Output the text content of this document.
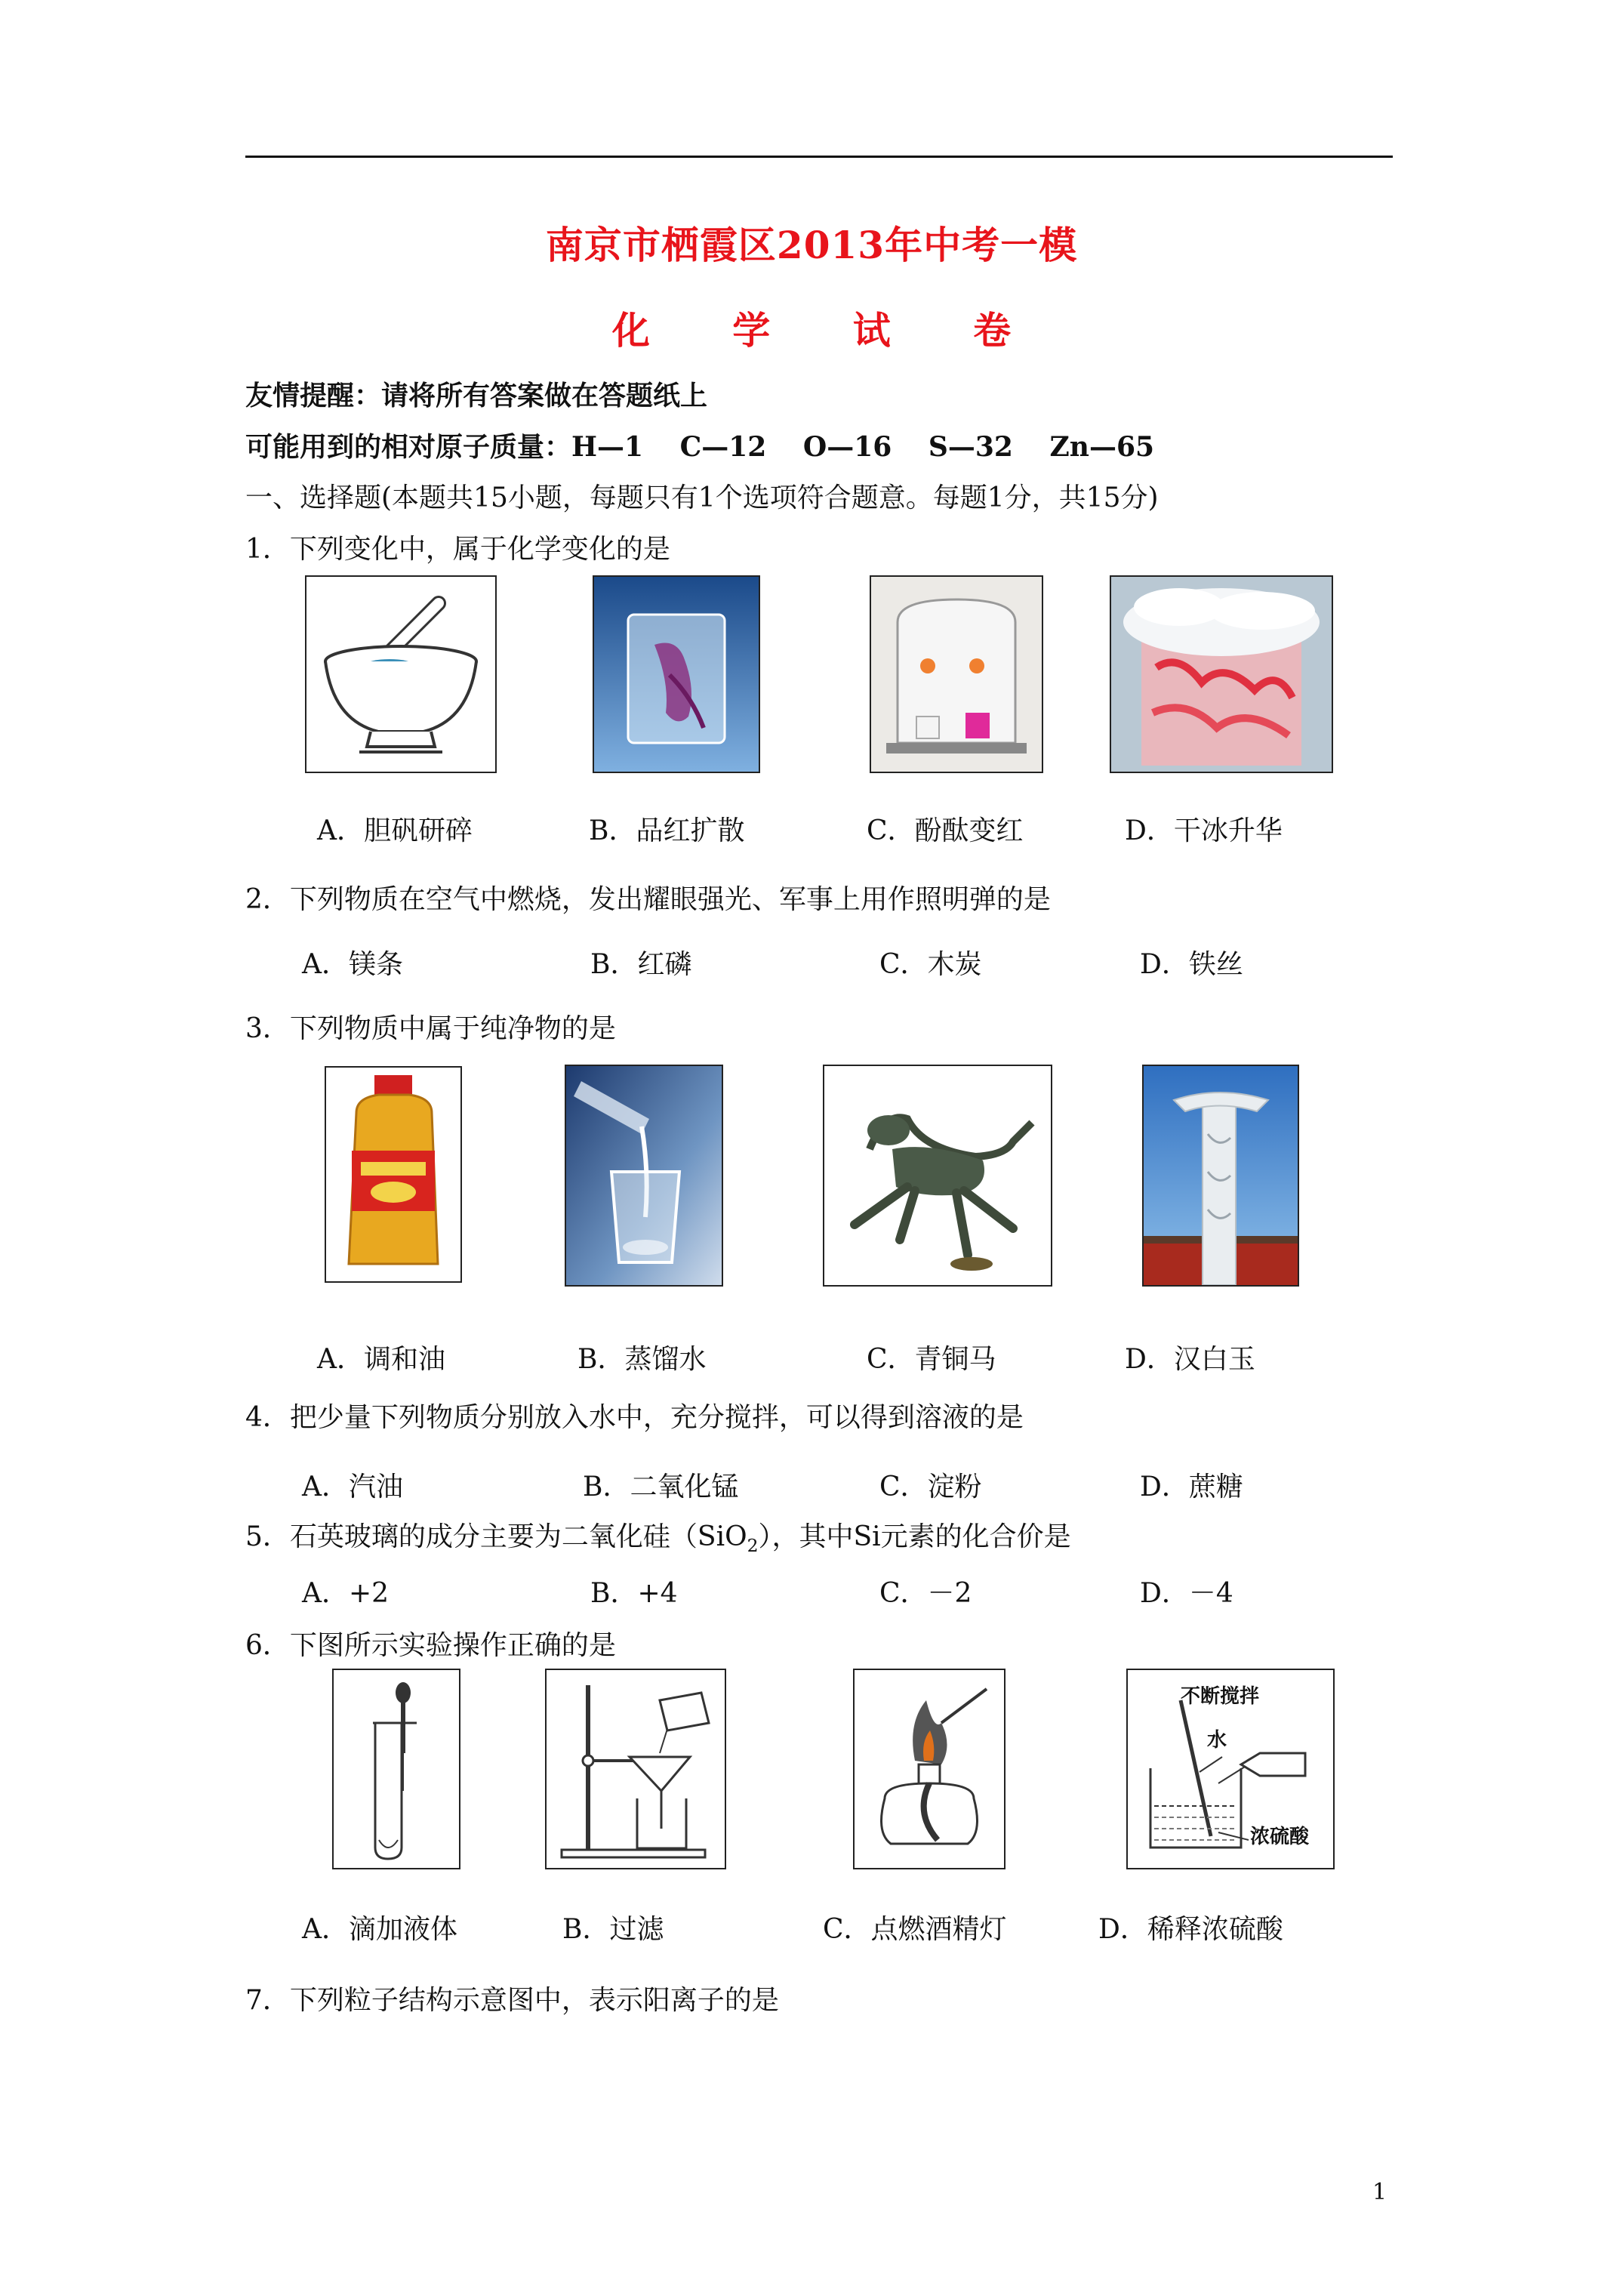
南京市栖霞区2013年中考一模
化 学 试 卷
友情提醒：请将所有答案做在答题纸上
可能用到的相对原子质量：H—1　 C—12　 O—16　 S—32　 Zn—65
一、选择题(本题共15小题，每题只有1个选项符合题意。每题1分，共15分)
1．下列变化中，属于化学变化的是
A．胆矾研碎	B．品红扩散	C．酚酞变红	D．干冰升华
2．下列物质在空气中燃烧，发出耀眼强光、军事上用作照明弹的是
A．镁条	B．红磷	C．木炭	D．铁丝
3．下列物质中属于纯净物的是
A．调和油	B．蒸馏水	C．青铜马	D．汉白玉
4．把少量下列物质分别放入水中，充分搅拌，可以得到溶液的是
A．汽油	B．二氧化锰	C．淀粉	D．蔗糖
5．石英玻璃的成分主要为二氧化硅（SiO$_2$），其中Si元素的化合价是
A．+2	B．+4	C．－2	D．－4
6．下图所示实验操作正确的是
不断搅拌
水
浓硫酸
A．滴加液体	B．过滤	C．点燃酒精灯	D．稀释浓硫酸
7．下列粒子结构示意图中，表示阳离子的是
1
